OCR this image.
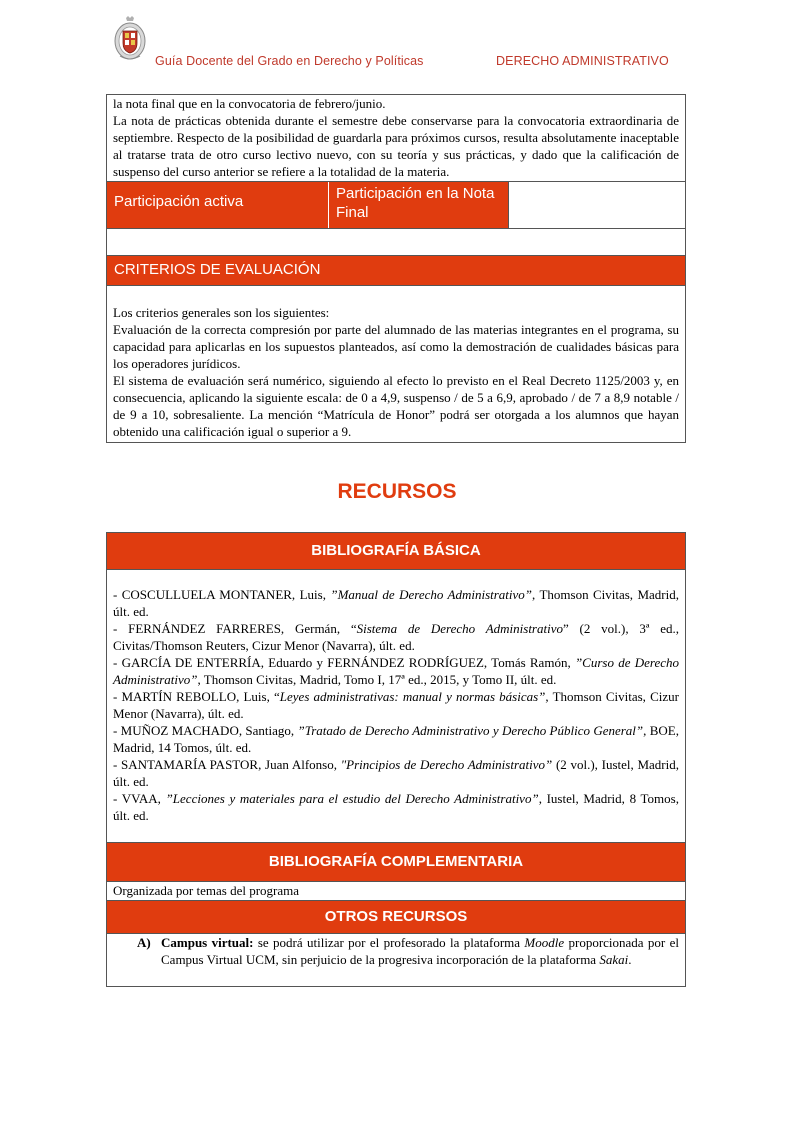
Guía Docente del Grado en Derecho y Políticas	DERECHO ADMINISTRATIVO
la nota final que en la convocatoria de febrero/junio.
La nota de prácticas obtenida durante el semestre debe conservarse para la convocatoria extraordinaria de septiembre. Respecto de la posibilidad de guardarla para próximos cursos, resulta absolutamente inaceptable al tratarse trata de otro curso lectivo nuevo, con su teoría y sus prácticas, y dado que la calificación de suspenso del curso anterior se refiere a la totalidad de la materia.
Participación activa	Participación en la Nota Final
CRITERIOS DE EVALUACIÓN
Los criterios generales son los siguientes:
Evaluación de la correcta compresión por parte del alumnado de las materias integrantes en el programa, su capacidad para aplicarlas en los supuestos planteados, así como la demostración de cualidades básicas para los operadores jurídicos.
El sistema de evaluación será numérico, siguiendo al efecto lo previsto en el Real Decreto 1125/2003 y, en consecuencia, aplicando la siguiente escala: de 0 a 4,9, suspenso / de 5 a 6,9, aprobado / de 7 a 8,9 notable / de 9 a 10, sobresaliente. La mención “Matrícula de Honor” podrá ser otorgada a los alumnos que hayan obtenido una calificación igual o superior a 9.
RECURSOS
BIBLIOGRAFÍA BÁSICA
- COSCULLUELA MONTANER, Luis, ”Manual de Derecho Administrativo”, Thomson Civitas, Madrid, últ. ed.
- FERNÁNDEZ FARRERES, Germán, “Sistema de Derecho Administrativo” (2 vol.), 3ª ed., Civitas/Thomson Reuters, Cizur Menor (Navarra), últ. ed.
- GARCÍA DE ENTERRÍA, Eduardo y FERNÁNDEZ RODRÍGUEZ, Tomás Ramón, ”Curso de Derecho Administrativo”, Thomson Civitas, Madrid, Tomo I, 17ª ed., 2015, y Tomo II, últ. ed.
- MARTÍN REBOLLO, Luis, “Leyes administrativas: manual y normas básicas”, Thomson Civitas, Cizur Menor (Navarra), últ. ed.
- MUÑOZ MACHADO, Santiago, ”Tratado de Derecho Administrativo y Derecho Público General”, BOE, Madrid, 14 Tomos, últ. ed.
- SANTAMARÍA PASTOR, Juan Alfonso, "Principios de Derecho Administrativo” (2 vol.), Iustel, Madrid, últ. ed.
- VVAA, ”Lecciones y materiales para el estudio del Derecho Administrativo”, Iustel, Madrid, 8 Tomos, últ. ed.
BIBLIOGRAFÍA COMPLEMENTARIA
Organizada por temas del programa
OTROS RECURSOS
A) Campus virtual: se podrá utilizar por el profesorado la plataforma Moodle proporcionada por el Campus Virtual UCM, sin perjuicio de la progresiva incorporación de la plataforma Sakai.
